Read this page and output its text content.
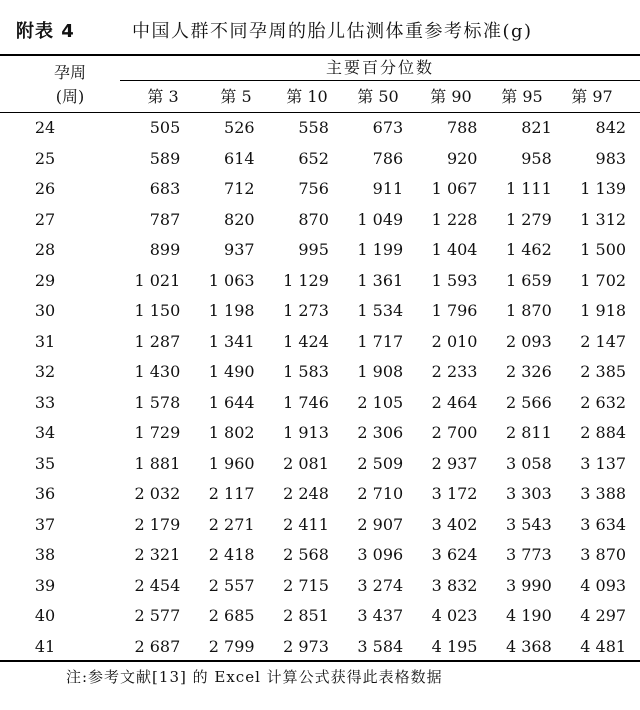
附表 4	中国人群不同孕周的胎儿估测体重参考标准(g)
孕周
(周)
主要百分位数
第 3	第 5	第 10	第 50	第 90	第 95	第 97
24	505	526	558	673	788	821	842
25	589	614	652	786	920	958	983
26	683	712	756	911	1 067	1 111	1 139
27	787	820	870	1 049	1 228	1 279	1 312
28	899	937	995	1 199	1 404	1 462	1 500
29	1 021	1 063	1 129	1 361	1 593	1 659	1 702
30	1 150	1 198	1 273	1 534	1 796	1 870	1 918
31	1 287	1 341	1 424	1 717	2 010	2 093	2 147
32	1 430	1 490	1 583	1 908	2 233	2 326	2 385
33	1 578	1 644	1 746	2 105	2 464	2 566	2 632
34	1 729	1 802	1 913	2 306	2 700	2 811	2 884
35	1 881	1 960	2 081	2 509	2 937	3 058	3 137
36	2 032	2 117	2 248	2 710	3 172	3 303	3 388
37	2 179	2 271	2 411	2 907	3 402	3 543	3 634
38	2 321	2 418	2 568	3 096	3 624	3 773	3 870
39	2 454	2 557	2 715	3 274	3 832	3 990	4 093
40	2 577	2 685	2 851	3 437	4 023	4 190	4 297
41	2 687	2 799	2 973	3 584	4 195	4 368	4 481
注:参考文献[13] 的 Excel 计算公式获得此表格数据
